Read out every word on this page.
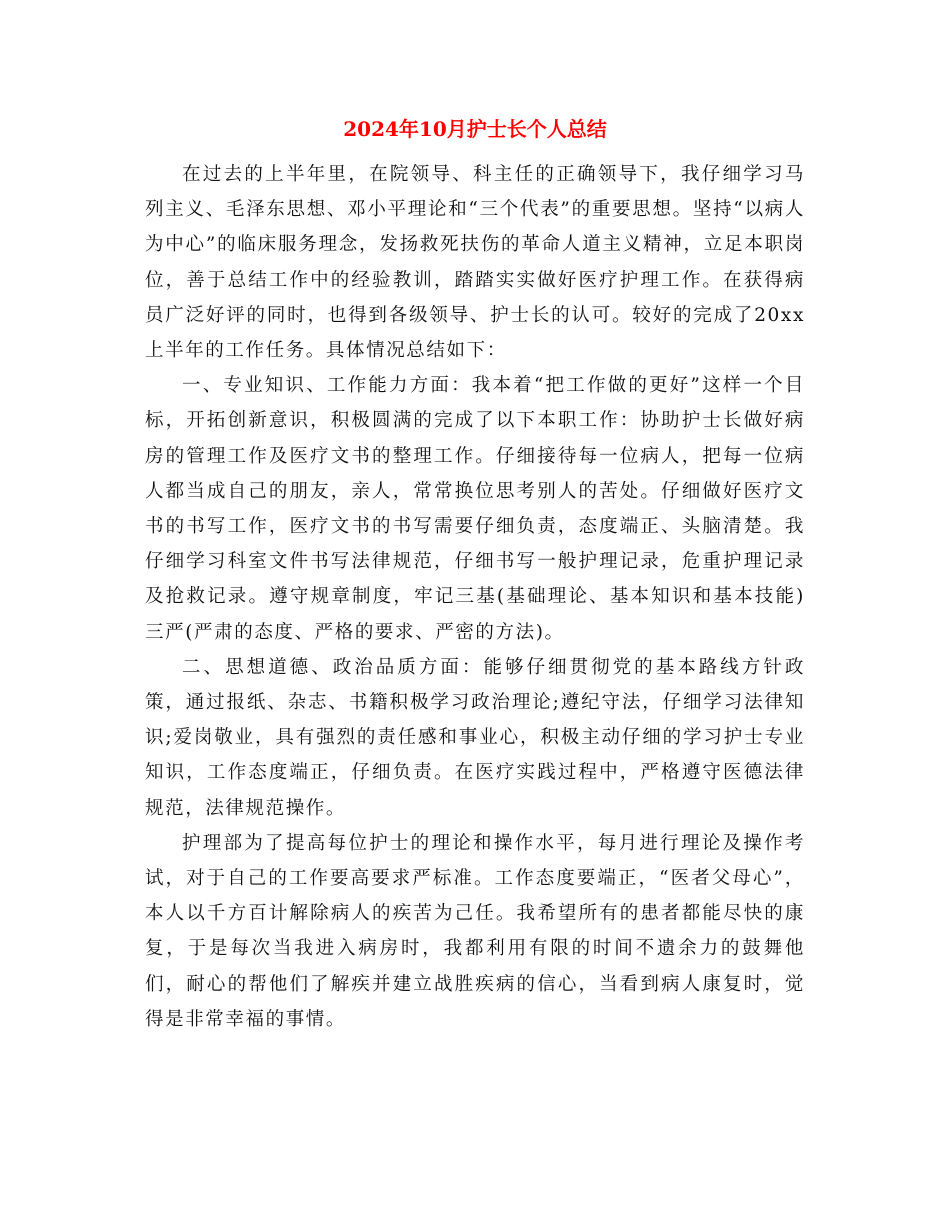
2024年10月护士长个人总结

在过去的上半年里，在院领导、科主任的正确领导下，我仔细学习马列主义、毛泽东思想、邓小平理论和“三个代表”的重要思想。坚持“以病人为中心”的临床服务理念，发扬救死扶伤的革命人道主义精神，立足本职岗位，善于总结工作中的经验教训，踏踏实实做好医疗护理工作。在获得病员广泛好评的同时，也得到各级领导、护士长的认可。较好的完成了20xx上半年的工作任务。具体情况总结如下：

一、专业知识、工作能力方面：我本着“把工作做的更好”这样一个目标，开拓创新意识，积极圆满的完成了以下本职工作：协助护士长做好病房的管理工作及医疗文书的整理工作。仔细接待每一位病人，把每一位病人都当成自己的朋友，亲人，常常换位思考别人的苦处。仔细做好医疗文书的书写工作，医疗文书的书写需要仔细负责，态度端正、头脑清楚。我仔细学习科室文件书写法律规范，仔细书写一般护理记录，危重护理记录及抢救记录。遵守规章制度，牢记三基(基础理论、基本知识和基本技能)三严(严肃的态度、严格的要求、严密的方法)。

二、思想道德、政治品质方面：能够仔细贯彻党的基本路线方针政策，通过报纸、杂志、书籍积极学习政治理论;遵纪守法，仔细学习法律知识;爱岗敬业，具有强烈的责任感和事业心，积极主动仔细的学习护士专业知识，工作态度端正，仔细负责。在医疗实践过程中，严格遵守医德法律规范，法律规范操作。

护理部为了提高每位护士的理论和操作水平，每月进行理论及操作考试，对于自己的工作要高要求严标准。工作态度要端正，“医者父母心”，本人以千方百计解除病人的疾苦为己任。我希望所有的患者都能尽快的康复，于是每次当我进入病房时，我都利用有限的时间不遗余力的鼓舞他们，耐心的帮他们了解疾并建立战胜疾病的信心，当看到病人康复时，觉得是非常幸福的事情。
